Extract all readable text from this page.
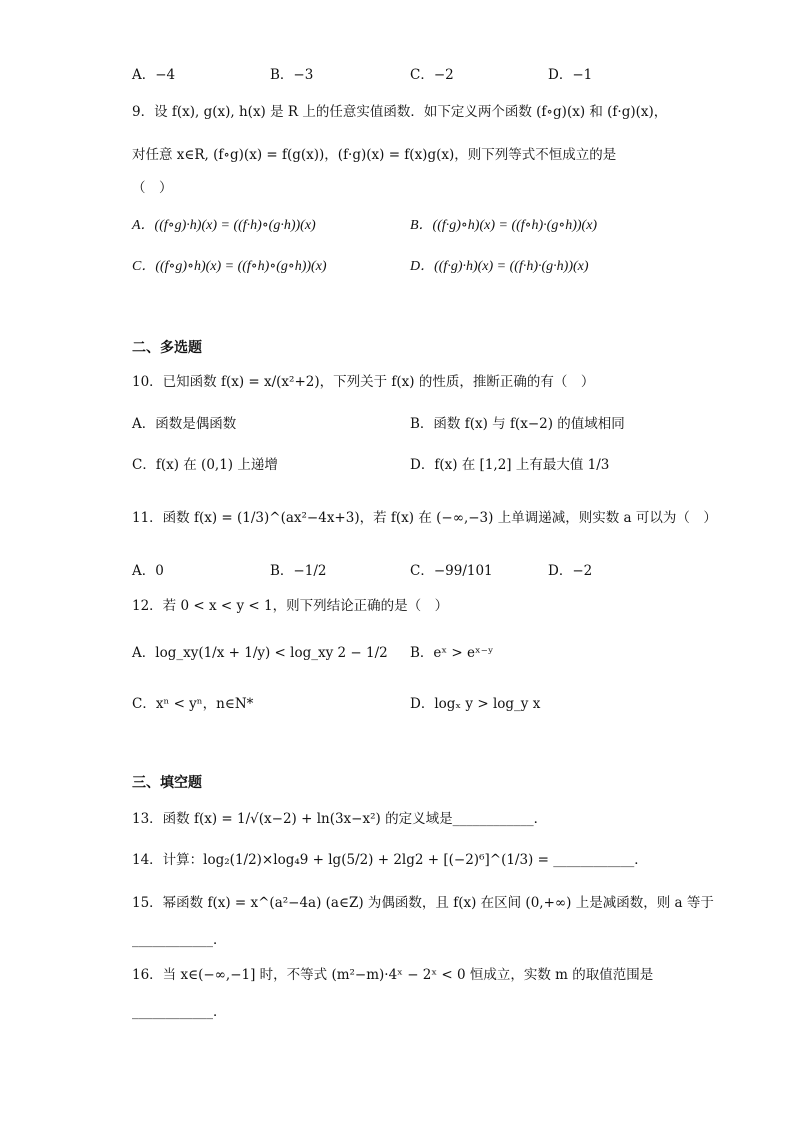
A．−4	B．−3	C．−2	D．−1
9．设 f(x), g(x), h(x) 是 R 上的任意实值函数．如下定义两个函数 (f∘g)(x) 和 (f·g)(x)，
对任意 x∈R, (f∘g)(x) = f(g(x))，(f·g)(x) = f(x)g(x)，则下列等式不恒成立的是
（　）
A．((f∘g)·h)(x) = ((f·h)∘(g·h))(x)	B．((f·g)∘h)(x) = ((f∘h)·(g∘h))(x)
C．((f∘g)∘h)(x) = ((f∘h)∘(g∘h))(x)	D．((f·g)·h)(x) = ((f·h)·(g·h))(x)
二、多选题
10．已知函数 f(x) = x/(x²+2)，下列关于 f(x) 的性质，推断正确的有（　）
A．函数是偶函数	B．函数 f(x) 与 f(x−2) 的值域相同
C．f(x) 在 (0,1) 上递增	D．f(x) 在 [1,2] 上有最大值 1/3
11．函数 f(x) = (1/3)^(ax²−4x+3)，若 f(x) 在 (−∞,−3) 上单调递减，则实数 a 可以为（　）
A．0	B．−1/2	C．−99/101	D．−2
12．若 0 < x < y < 1，则下列结论正确的是（　）
A．log_xy(1/x + 1/y) < log_xy 2 − 1/2 B．eˣ > eˣ⁻ʸ
C．xⁿ < yⁿ，n∈N*	D．logₓ y > log_y x
三、填空题
13．函数 f(x) = 1/√(x−2) + ln(3x−x²) 的定义域是____________．
14．计算：log₂(1/2)×log₄9 + lg(5/2) + 2lg2 + [(−2)⁶]^(1/3) = ____________．
15．幂函数 f(x) = x^(a²−4a) (a∈Z) 为偶函数，且 f(x) 在区间 (0,+∞) 上是减函数，则 a 等于
____________．
16．当 x∈(−∞,−1] 时，不等式 (m²−m)·4ˣ − 2ˣ < 0 恒成立，实数 m 的取值范围是
____________．
